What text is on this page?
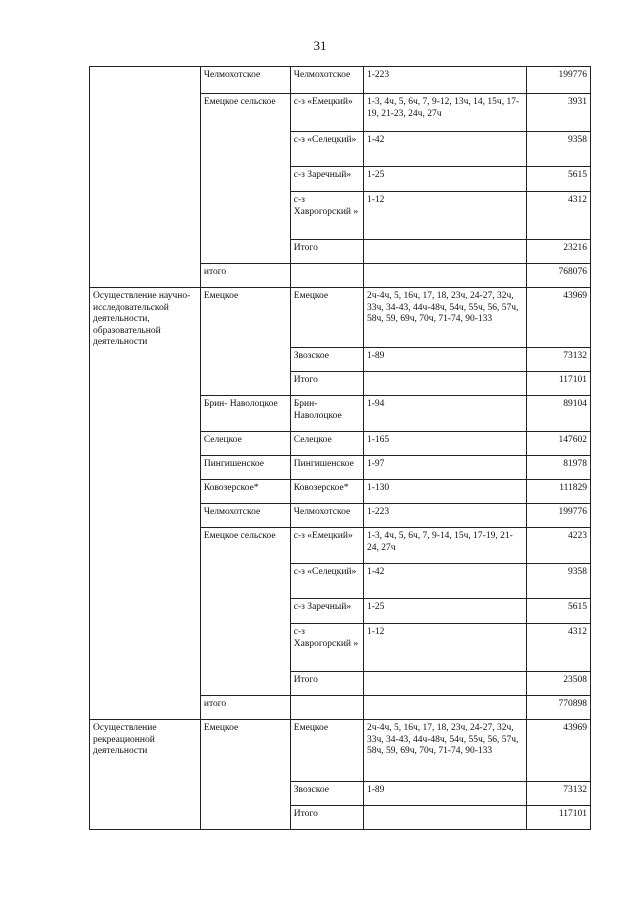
31
	Челмохотское	Челмохотское	1-223	199776
	Емецкое сельское	с-з «Емецкий»	1-3, 4ч, 5, 6ч, 7, 9-12, 13ч, 14, 15ч, 17-19, 21-23, 24ч, 27ч	3931
		с-з «Селецкий»	1-42	9358
		с-з Заречный»	1-25	5615
		с-з Хаврогорский »	1-12	4312
		Итого		23216
	итого			768076
Осуществление научно-исследовательской деятельности, образовательной деятельности	Емецкое	Емецкое	2ч-4ч, 5, 16ч, 17, 18, 23ч, 24-27, 32ч, 33ч, 34-43, 44ч-48ч, 54ч, 55ч, 56, 57ч, 58ч, 59, 69ч, 70ч, 71-74, 90-133	43969
		Звозское	1-89	73132
		Итого		117101
	Брин- Наволоцкое	Брин-Наволоцкое	1-94	89104
	Селецкое	Селецкое	1-165	147602
	Пингишенское	Пингишенское	1-97	81978
	Ковозерское*	Ковозерское*	1-130	111829
	Челмохотское	Челмохотское	1-223	199776
	Емецкое сельское	с-з «Емецкий»	1-3, 4ч, 5, 6ч, 7, 9-14, 15ч, 17-19, 21-24, 27ч	4223
		с-з «Селецкий»	1-42	9358
		с-з Заречный»	1-25	5615
		с-з Хаврогорский »	1-12	4312
		Итого		23508
	итого			770898
Осуществление рекреационной деятельности	Емецкое	Емецкое	2ч-4ч, 5, 16ч, 17, 18, 23ч, 24-27, 32ч, 33ч, 34-43, 44ч-48ч, 54ч, 55ч, 56, 57ч, 58ч, 59, 69ч, 70ч, 71-74, 90-133	43969
		Звозское	1-89	73132
		Итого		117101
